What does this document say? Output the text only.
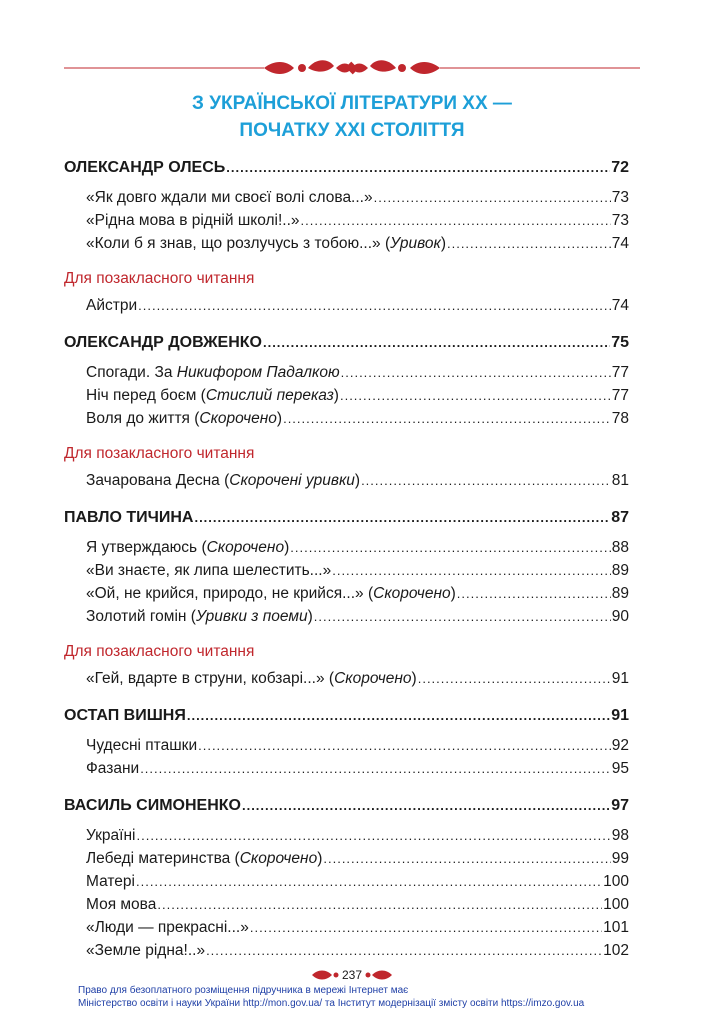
З УКРАЇНСЬКОЇ ЛІТЕРАТУРИ ХХ —
ПОЧАТКУ ХХІ СТОЛІТТЯ
ОЛЕКСАНДР ОЛЕСЬ .....	72
«Як довго ждали ми своєї волі слова...» .....	73
«Рідна мова в рідній школі!..» .....	73
«Коли б я знав, що розлучусь з тобою...» (Уривок) .....	74
Для позакласного читання
Айстри .....	74
ОЛЕКСАНДР ДОВЖЕНКО .....	75
Спогади. За Никифором Падалкою .....	77
Ніч перед боєм (Стислий переказ) .....	77
Воля до життя (Скорочено) .....	78
Для позакласного читання
Зачарована Десна (Скорочені уривки) .....	81
ПАВЛО ТИЧИНА .....	87
Я утверждаюсь (Скорочено) .....	88
«Ви знаєте, як липа шелестить...» .....	89
«Ой, не крийся, природо, не крийся...» (Скорочено) .....	89
Золотий гомін (Уривки з поеми) .....	90
Для позакласного читання
«Гей, вдарте в струни, кобзарі...» (Скорочено) .....	91
ОСТАП ВИШНЯ .....	91
Чудесні пташки .....	92
Фазани .....	95
ВАСИЛЬ СИМОНЕНКО .....	97
Україні .....	98
Лебеді материнства (Скорочено) .....	99
Матері .....	100
Моя мова .....	100
«Люди — прекрасні...» .....	101
«Земле рідна!..» .....	102
237
Право для безоплатного розміщення підручника в мережі Інтернет має
Міністерство освіти і науки України http://mon.gov.ua/ та Інститут модернізації змісту освіти https://imzo.gov.ua
